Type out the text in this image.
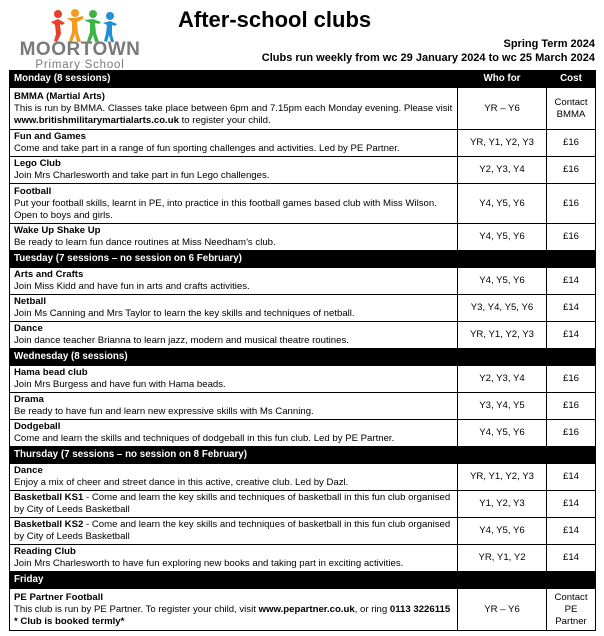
MOORTOWN
Primary School
After-school clubs
Spring Term 2024
Clubs run weekly from wc 29 January 2024 to wc 25 March 2024
Monday (8 sessions)	Who for	Cost

BMMA (Martial Arts)
This is run by BMMA. Classes take place between 6pm and 7.15pm each Monday evening. Please visit www.britishmilitarymartialarts.co.uk to register your child.	YR – Y6	Contact BMMA

Fun and Games
Come and take part in a range of fun sporting challenges and activities. Led by PE Partner.	YR, Y1, Y2, Y3	£16

Lego Club
Join Mrs Charlesworth and take part in fun Lego challenges.	Y2, Y3, Y4	£16

Football
Put your football skills, learnt in PE, into practice in this football games based club with Miss Wilson. Open to boys and girls.	Y4, Y5, Y6	£16

Wake Up Shake Up
Be ready to learn fun dance routines at Miss Needham’s club.	Y4, Y5, Y6	£16
Tuesday (7 sessions – no session on 6 February)		

Arts and Crafts
Join Miss Kidd and have fun in arts and crafts activities.	Y4, Y5, Y6	£14

Netball
Join Ms Canning and Mrs Taylor to learn the key skills and techniques of netball.	Y3, Y4, Y5, Y6	£14

Dance
Join dance teacher Brianna to learn jazz, modern and musical theatre routines.	YR, Y1, Y2, Y3	£14
Wednesday (8 sessions)		

Hama bead club
Join Mrs Burgess and have fun with Hama beads.	Y2, Y3, Y4	£16

Drama
Be ready to have fun and learn new expressive skills with Ms Canning.	Y3, Y4, Y5	£16

Dodgeball
Come and learn the skills and techniques of dodgeball in this fun club. Led by PE Partner.	Y4, Y5, Y6	£16
Thursday (7 sessions – no session on 8 February)		

Dance
Enjoy a mix of cheer and street dance in this active, creative club. Led by Dazl.	YR, Y1, Y2, Y3	£14
Basketball KS1 - Come and learn the key skills and techniques of basketball in this fun club organised by City of Leeds Basketball	Y1, Y2, Y3	£14
Basketball KS2 - Come and learn the key skills and techniques of basketball in this fun club organised by City of Leeds Basketball	Y4, Y5, Y6	£14

Reading Club
Join Mrs Charlesworth to have fun exploring new books and taking part in exciting activities.	YR, Y1, Y2	£14
Friday		

PE Partner Football
This club is run by PE Partner. To register your child, visit www.pepartner.co.uk, or ring 0113 3226115 * Club is booked termly*	YR – Y6	Contact PE Partner
